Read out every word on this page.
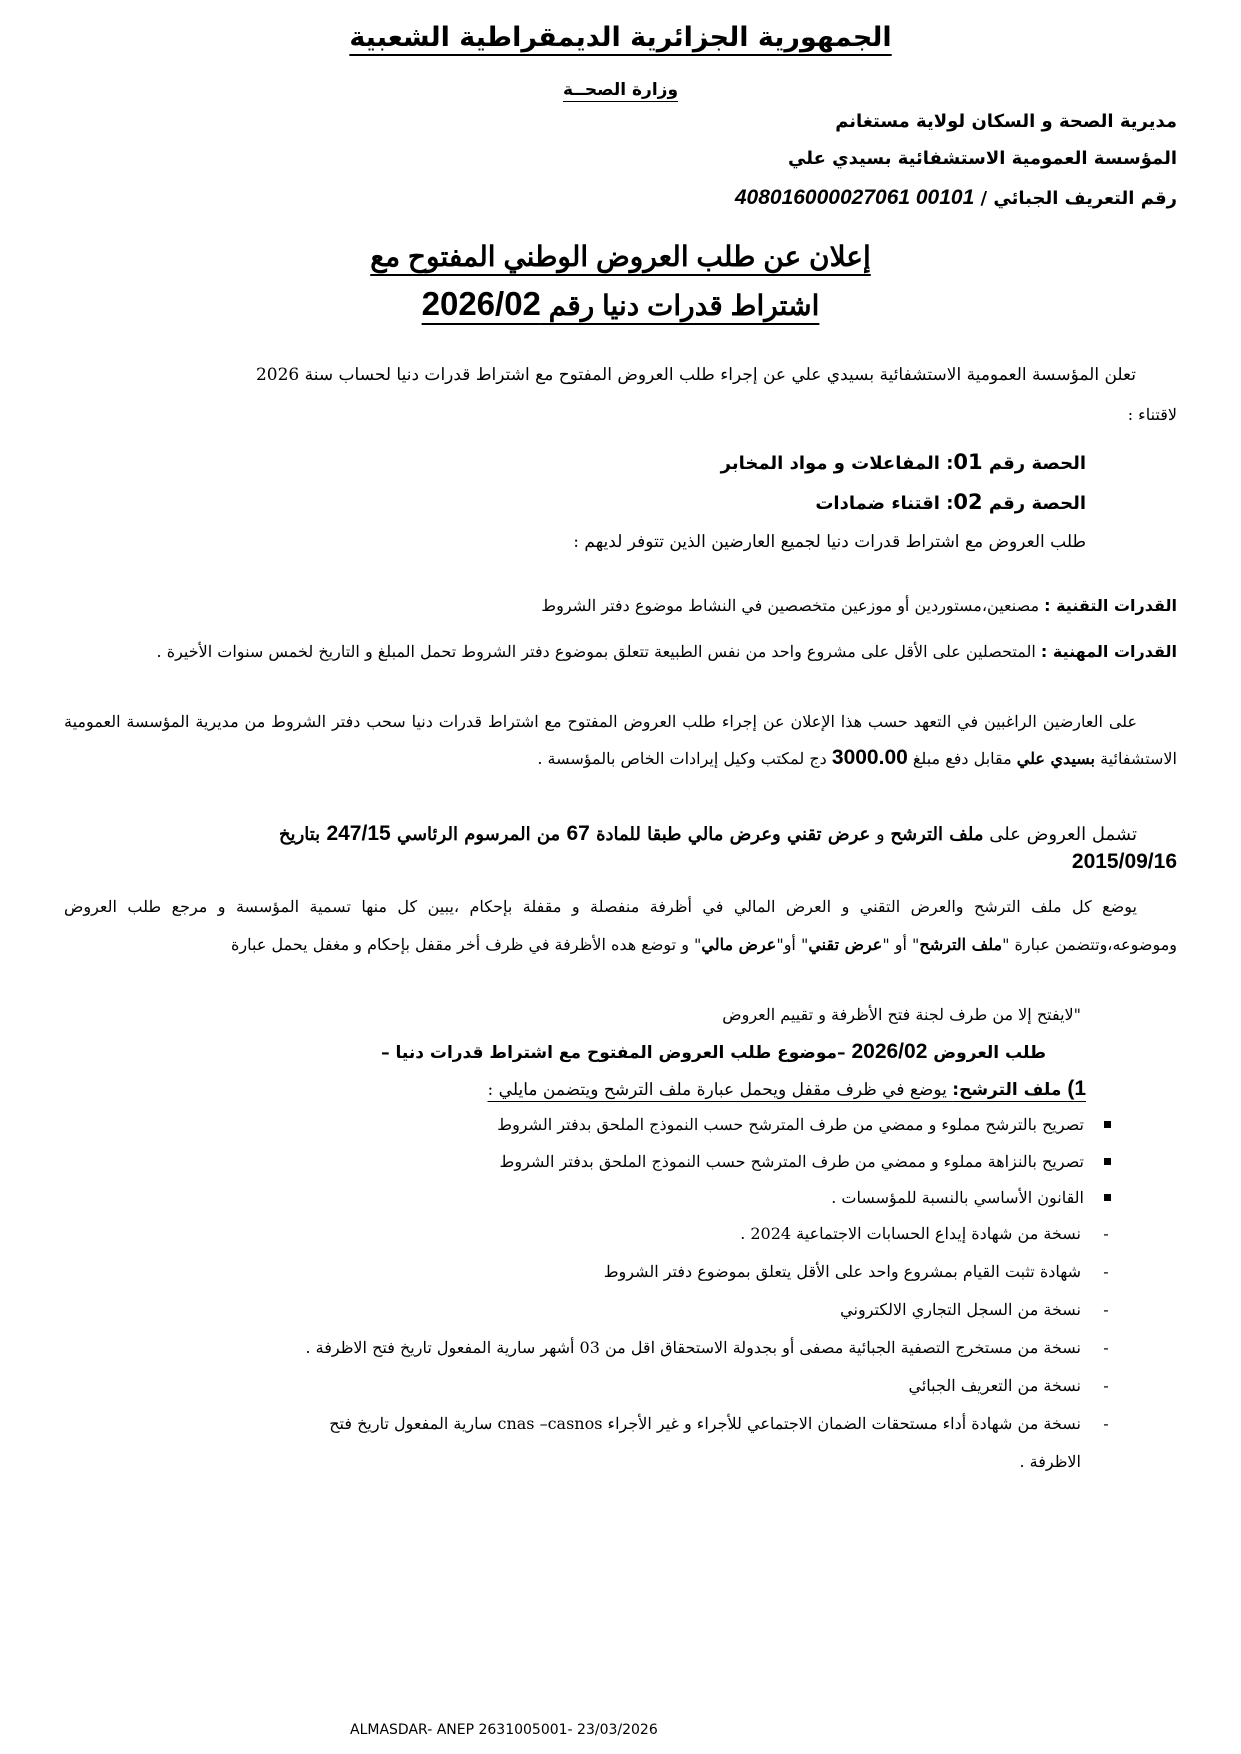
الجمهورية الجزائرية الديمقراطية الشعبية
وزارة الصحــة
مديرية الصحة و السكان لولاية مستغانم
المؤسسة العمومية الاستشفائية بسيدي علي
رقم التعريف الجبائي / 408016000027061 00101
إعلان عن طلب العروض الوطني المفتوح مع
اشتراط قدرات دنيا رقم 2026/02
تعلن المؤسسة العمومية الاستشفائية بسيدي علي عن إجراء طلب العروض المفتوح مع اشتراط قدرات دنيا لحساب سنة 2026
لاقتناء :
الحصة رقم 01: المفاعلات و مواد المخابر
الحصة رقم 02: اقتناء ضمادات
طلب العروض مع اشتراط قدرات دنيا لجميع العارضين الذين تتوفر لديهم :
القدرات التقنية : مصنعين،مستوردين أو موزعين متخصصين في النشاط موضوع دفتر الشروط
القدرات المهنية : المتحصلين على الأقل على مشروع واحد من نفس الطبيعة تتعلق بموضوع دفتر الشروط تحمل المبلغ و التاريخ لخمس سنوات الأخيرة .
على العارضين الراغبين في التعهد حسب هذا الإعلان عن إجراء طلب العروض المفتوح مع اشتراط قدرات دنيا سحب دفتر الشروط من مديرية المؤسسة العمومية الاستشفائية بسيدي علي مقابل دفع مبلغ 3000.00 دج لمكتب وكيل إيرادات الخاص بالمؤسسة .
تشمل العروض على ملف الترشح و عرض تقني وعرض مالي طبقا للمادة 67 من المرسوم الرئاسي 247/15 بتاريخ
2015/09/16
يوضع كل ملف الترشح والعرض التقني و العرض المالي في أظرفة منفصلة و مقفلة بإحكام ،يبين كل منها تسمية المؤسسة و مرجع طلب العروض وموضوعه،وتتضمن عبارة "ملف الترشح" أو "عرض تقني" أو"عرض مالي" و توضع هده الأظرفة في ظرف أخر مقفل بإحكام و مغفل يحمل عبارة
"لايفتح إلا من طرف لجنة فتح الأظرفة و تقييم العروض
طلب العروض 2026/02 –موضوع طلب العروض المفتوح مع اشتراط قدرات دنيا –
1) ملف الترشح: يوضع في ظرف مقفل ويحمل عبارة ملف الترشح ويتضمن مايلي :
تصريح بالترشح مملوء و ممضي من طرف المترشح حسب النموذج الملحق بدفتر الشروط
تصريح بالنزاهة مملوء و ممضي من طرف المترشح حسب النموذج الملحق بدفتر الشروط
القانون الأساسي بالنسبة للمؤسسات .
-
نسخة من شهادة إيداع الحسابات الاجتماعية 2024 .
-
شهادة تثبت القيام بمشروع واحد على الأقل يتعلق بموضوع دفتر الشروط
-
نسخة من السجل التجاري الالكتروني
-
نسخة من مستخرج التصفية الجبائية مصفى أو بجدولة الاستحقاق اقل من 03 أشهر سارية المفعول تاريخ فتح الاظرفة .
-
نسخة من التعريف الجبائي
-
نسخة من شهادة أداء مستحقات الضمان الاجتماعي للأجراء و غير الأجراء cnas –casnos سارية المفعول تاريخ فتح
الاظرفة .
ALMASDAR- ANEP 2631005001- 23/03/2026
